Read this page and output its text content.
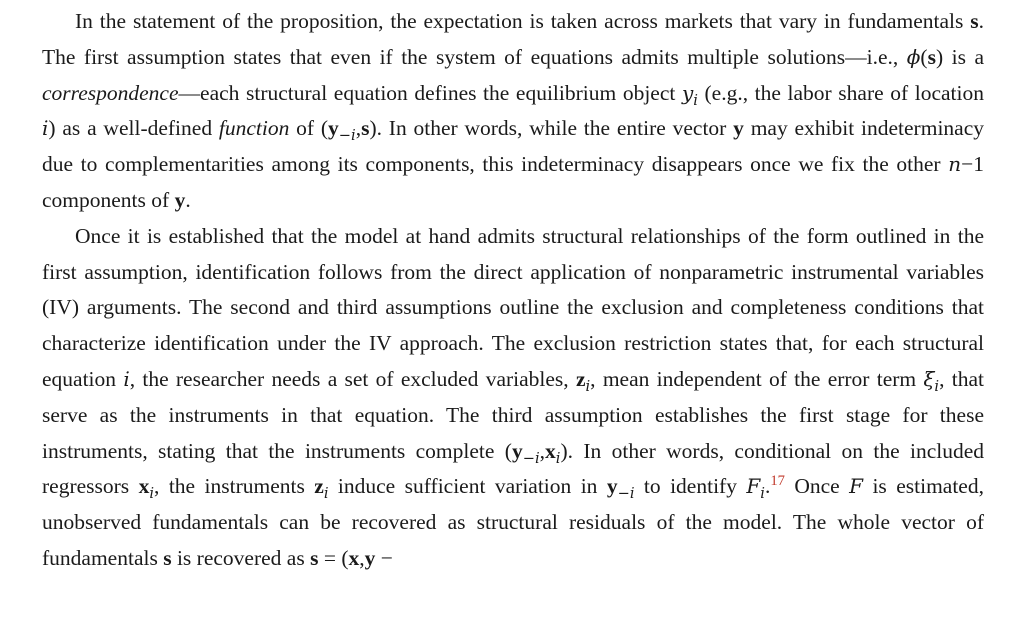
In the statement of the proposition, the expectation is taken across markets that vary in fundamentals s. The first assumption states that even if the system of equations admits multiple solutions—i.e., ϕ(s) is a correspondence—each structural equation defines the equilibrium object $y_i$ (e.g., the labor share of location i) as a well-defined function of $(y_{-i},s)$. In other words, while the entire vector y may exhibit indeterminacy due to complementarities among its components, this indeterminacy disappears once we fix the other n−1 components of y.

Once it is established that the model at hand admits structural relationships of the form outlined in the first assumption, identification follows from the direct application of nonparametric instrumental variables (IV) arguments. The second and third assumptions outline the exclusion and completeness conditions that characterize identification under the IV approach. The exclusion restriction states that, for each structural equation i, the researcher needs a set of excluded variables, $z_i$, mean independent of the error term $\xi_i$, that serve as the instruments in that equation. The third assumption establishes the first stage for these instruments, stating that the instruments complete $(y_{-i},x_i)$. In other words, conditional on the included regressors $x_i$, the instruments $z_i$ induce sufficient variation in $y_{-i}$ to identify $F_i.^{17}$ Once F is estimated, unobserved fundamentals can be recovered as structural residuals of the model. The whole vector of fundamentals s is recovered as s = (x,y −
